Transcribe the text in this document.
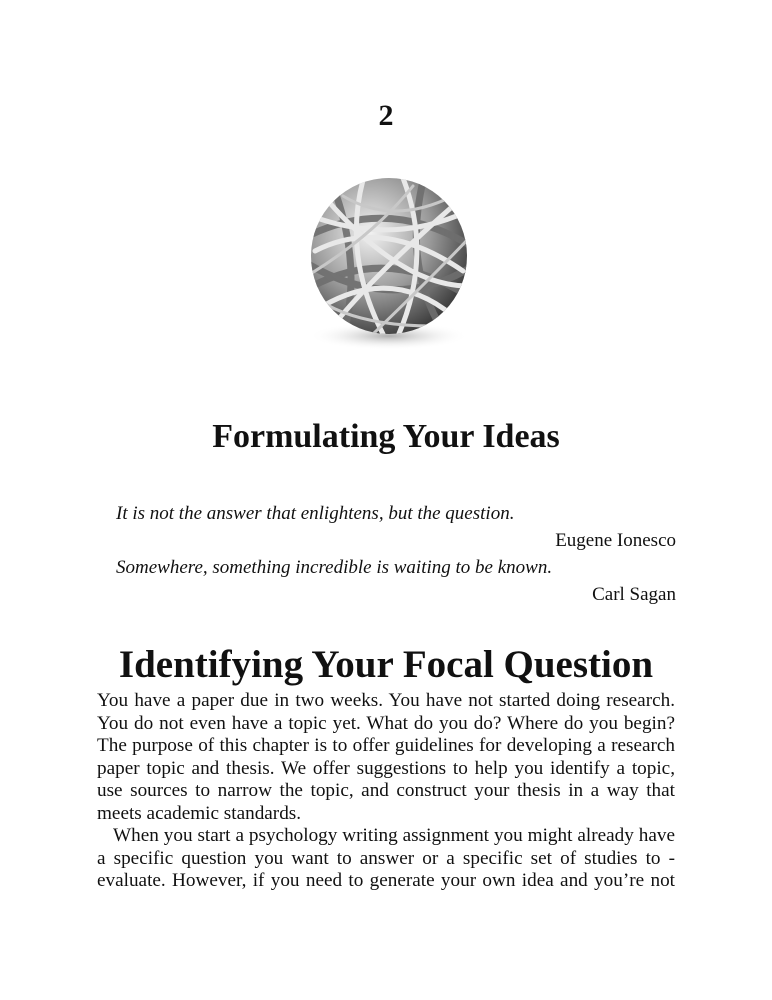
2
Formulating Your Ideas
It is not the answer that enlightens, but the question.
Eugene Ionesco
Somewhere, something incredible is waiting to be known.
Carl Sagan
Identifying Your Focal Question

You have a paper due in two weeks. You have not started doing research. You do not even have a topic yet. What do you do? Where do you begin? The purpose of this chapter is to offer guidelines for developing a research paper topic and thesis. We offer suggestions to help you identify a topic, use sources to narrow the topic, and construct your thesis in a way that meets academic standards.

When you start a psychology writing assignment you might already have a specific question you want to answer or a specific set of studies to - evaluate. However, if you need to generate your own idea and you’re not
